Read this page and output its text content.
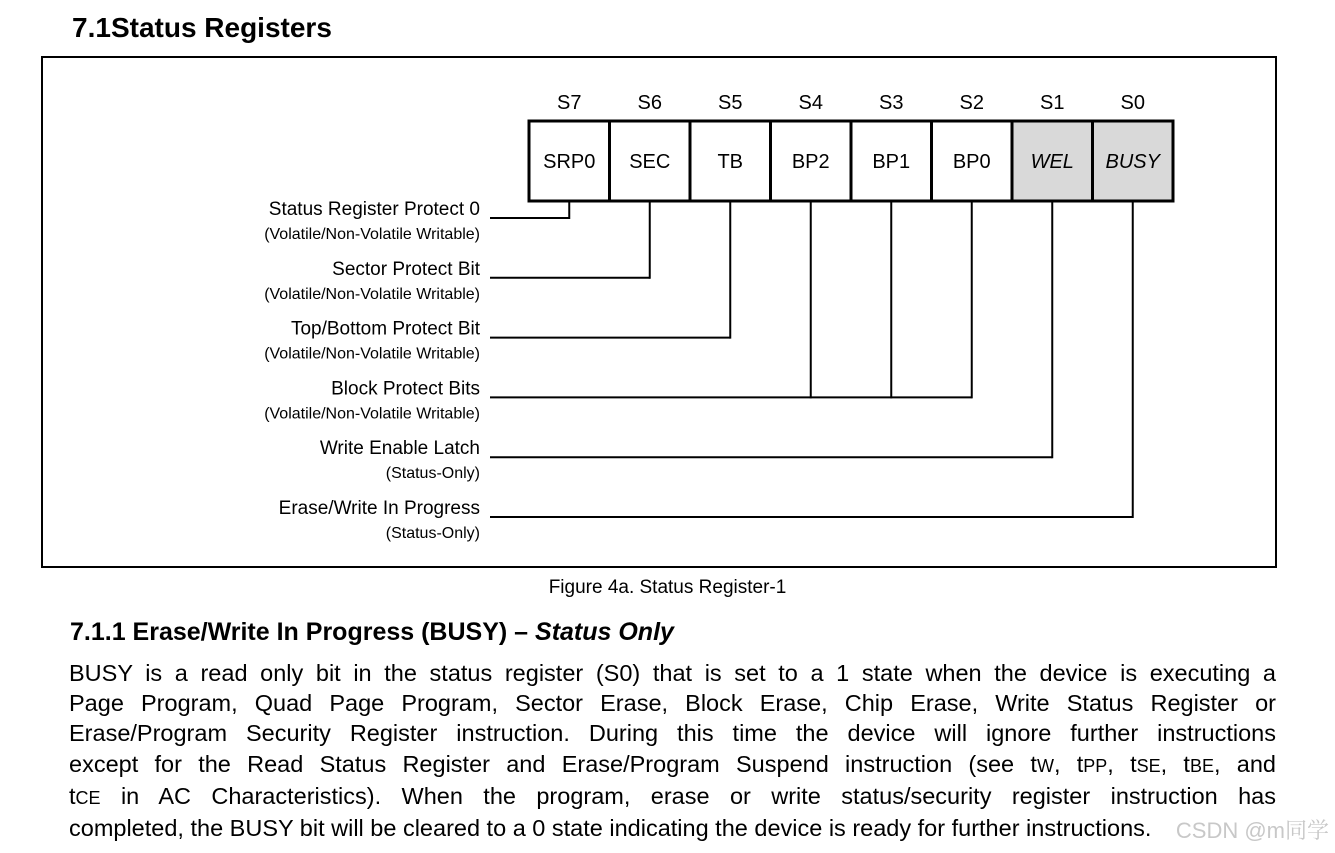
7.1Status Registers
Status Register Protect 0
(Volatile/Non-Volatile Writable)
Sector Protect Bit
(Volatile/Non-Volatile Writable)
Top/Bottom Protect Bit
(Volatile/Non-Volatile Writable)
Block Protect Bits
(Volatile/Non-Volatile Writable)
Write Enable Latch
(Status-Only)
Erase/Write In Progress
(Status-Only)
S7
SRP0
S6
SEC
S5
TB
S4
BP2
S3
BP1
S2
BP0
S1
WEL
S0
BUSY
Figure 4a. Status Register-1
7.1.1 Erase/Write In Progress (BUSY) – Status Only
BUSY is a read only bit in the status register (S0) that is set to a 1 state when the device is executing a
Page Program, Quad Page Program, Sector Erase, Block Erase, Chip Erase, Write Status Register or
Erase/Program Security Register instruction. During this time the device will ignore further instructions
except for the Read Status Register and Erase/Program Suspend instruction (see tW, tPP, tSE, tBE, and
tCE in AC Characteristics). When the program, erase or write status/security register instruction has
completed, the BUSY bit will be cleared to a 0 state indicating the device is ready for further instructions.	CSDN @m同学
